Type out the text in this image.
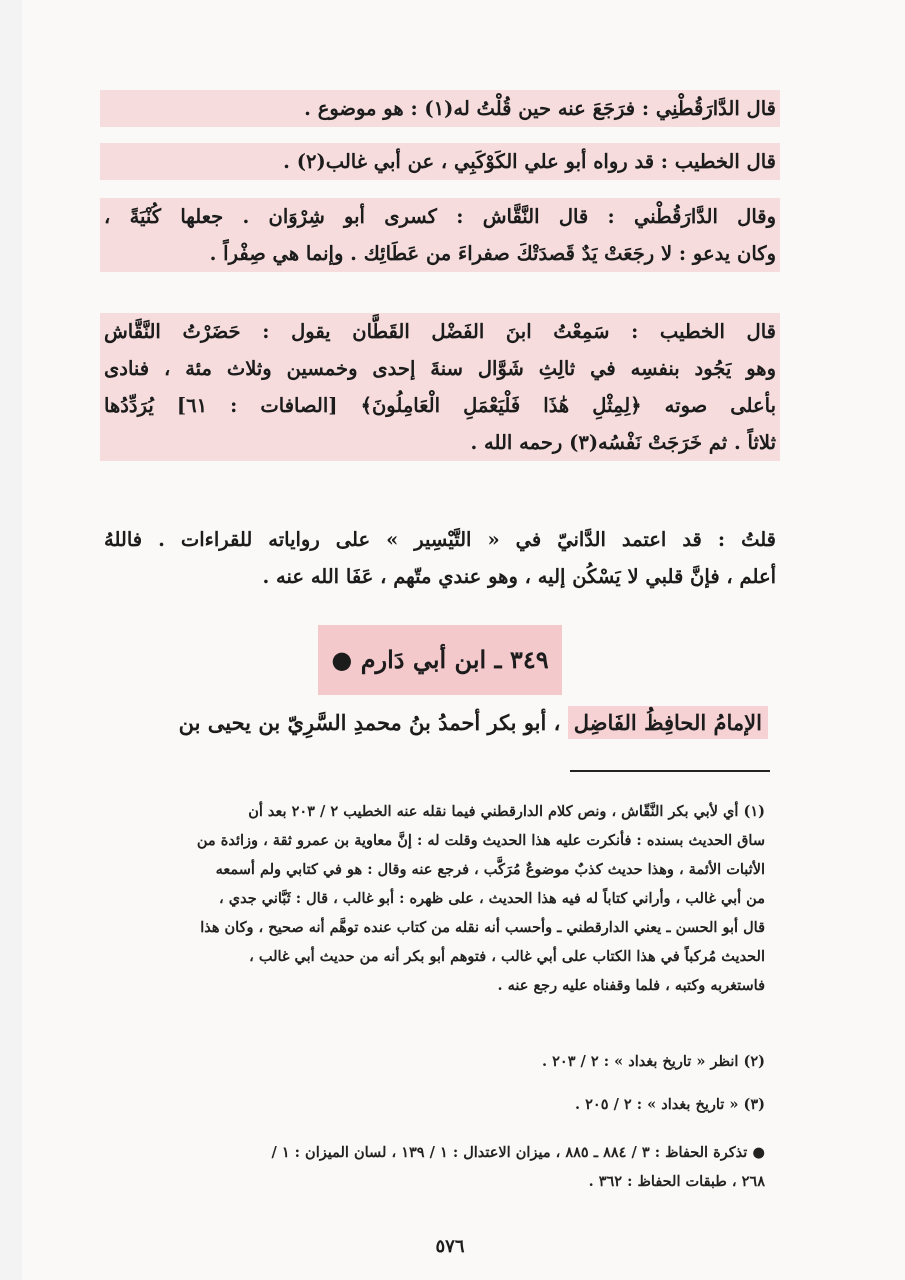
قال الدَّارَقُطْنِي : فرَجَعَ عنه حين قُلْتُ له(١) : هو موضوع .
قال الخطيب : قد رواه أبو علي الكَوْكَبِي ، عن أبي غالب(٢) .
وقال الدَّارَقُطْني : قال النَّقَّاش : كسرى أبو شِرْوَان . جعلها كُنْيَةً ،
وكان يدعو : لا رجَعَتْ يَدٌ قَصدَتْكَ صفراءَ من عَطَائِك . وإنما هي صِفْراً .
قال الخطيب : سَمِعْتُ ابنَ الفَضْل القَطَّان يقول : حَضَرْتُ النَّقَّاش
وهو يَجُود بنفسِه في ثالِثِ شَوَّال سنةَ إحدى وخمسين وثلاث مئة ، فنادى
بأعلى صوته ﴿لِمِثْلِ هَٰذَا فَلْيَعْمَلِ الْعَامِلُونَ﴾ [الصافات : ٦١] يُرَدِّدُها
ثلاثاً . ثم خَرَجَتْ نَفْسُه(٣) رحمه الله .
قلتُ : قد اعتمد الدَّانيّ في « التَّيْسِير » على رواياته للقراءات . فاللهُ
أعلم ، فإنَّ قلبي لا يَسْكُن إليه ، وهو عندي متّهم ، عَفَا الله عنه .
٣٤٩ ـ ابن أبي دَارم ●
الإمامُ الحافِظُ الفَاضِل ، أبو بكر أحمدُ بنُ محمدِ السَّرِيّ بن يحيى بن
(١) أي لأبي بكر النَّقّاش ، ونص كلام الدارقطني فيما نقله عنه الخطيب ٢ / ٢٠٣ بعد أن
ساق الحديث بسنده : فأنكرت عليه هذا الحديث وقلت له : إنَّ معاوية بن عمرو ثقة ، وزائدة من
الأثبات الأئمة ، وهذا حديث كذبٌ موضوعٌ مُرَكَّب ، فرجع عنه وقال : هو في كتابي ولم أسمعه
من أبي غالب ، وأراني كتاباً له فيه هذا الحديث ، على ظهره : أبو غالب ، قال : ثَبَّاني جدي ،
قال أبو الحسن ـ يعني الدارقطني ـ وأحسب أنه نقله من كتاب عنده توهَّم أنه صحيح ، وكان هذا
الحديث مُركباً في هذا الكتاب على أبي غالب ، فتوهم أبو بكر أنه من حديث أبي غالب ،
فاستغربه وكتبه ، فلما وقفناه عليه رجع عنه .
(٢) انظر « تاريخ بغداد » : ٢ / ٢٠٣ .
(٣) « تاريخ بغداد » : ٢ / ٢٠٥ .
● تذكرة الحفاظ : ٣ / ٨٨٤ ـ ٨٨٥ ، ميزان الاعتدال : ١ / ١٣٩ ، لسان الميزان : ١ /
٢٦٨ ، طبقات الحفاظ : ٣٦٢ .
٥٧٦
